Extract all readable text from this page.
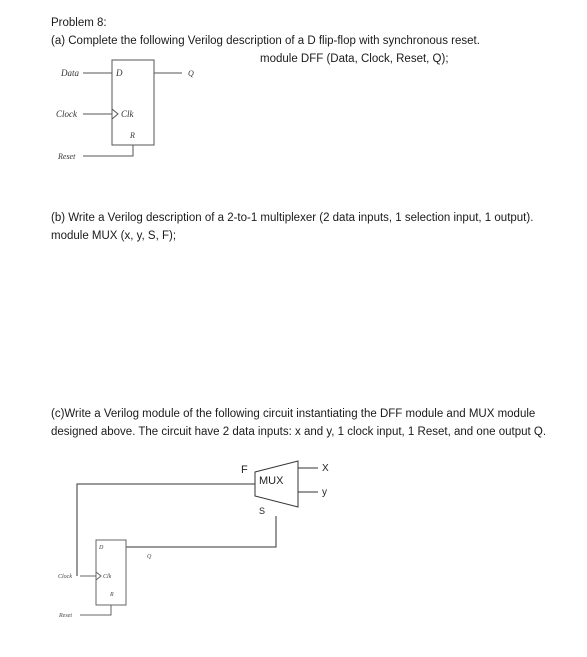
Problem 8:
(a) Complete the following Verilog description of a D flip-flop with synchronous reset.
module DFF (Data, Clock, Reset, Q);
(b) Write a Verilog description of a 2-to-1 multiplexer (2 data inputs, 1 selection input, 1 output).
module MUX (x, y, S, F);
(c)Write a Verilog module of the following circuit instantiating the DFF module and MUX module
designed above. The circuit have 2 data inputs: x and y, 1 clock input, 1 Reset, and one output Q.
Data
Clock
Reset
D
Clk
R
Q
MUX
F	X
y
S
Clock
Reset
D
Clk
R
Q
